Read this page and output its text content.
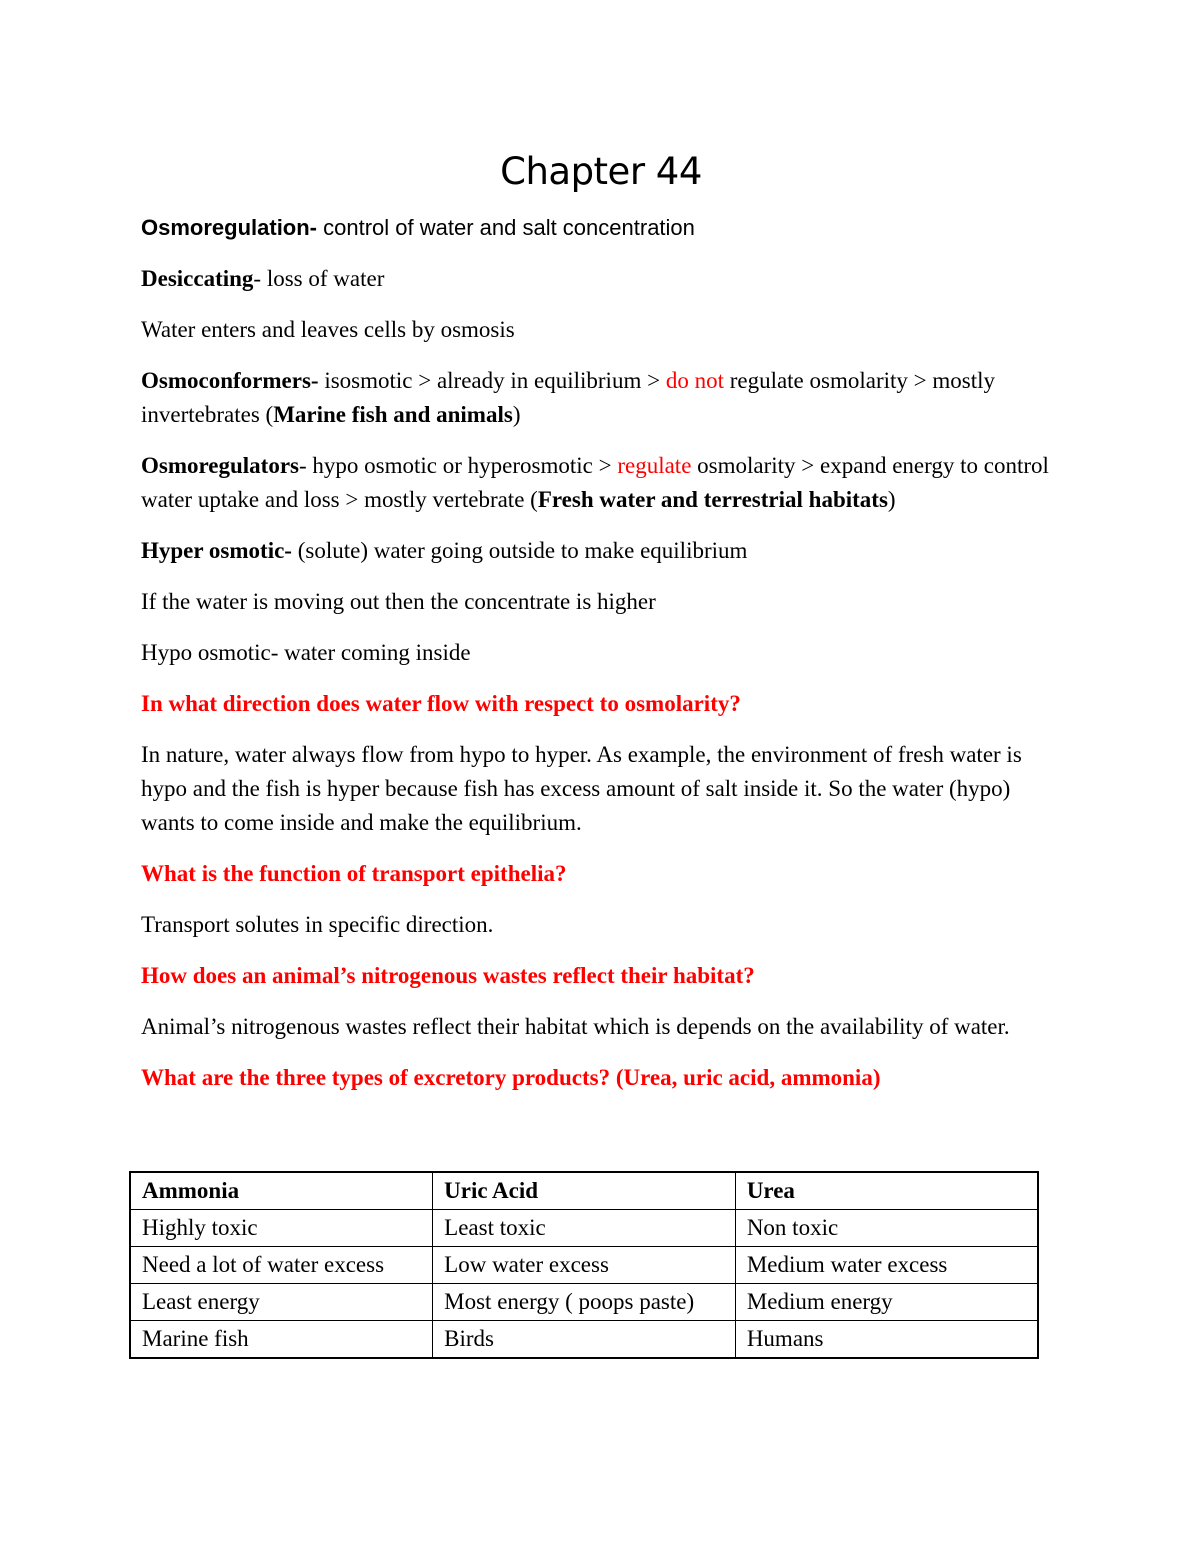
Chapter 44

Osmoregulation- control of water and salt concentration

Desiccating- loss of water

Water enters and leaves cells by osmosis

Osmoconformers- isosmotic > already in equilibrium > do not regulate osmolarity > mostly invertebrates (Marine fish and animals)

Osmoregulators- hypo osmotic or hyperosmotic > regulate osmolarity > expand energy to control water uptake and loss > mostly vertebrate (Fresh water and terrestrial habitats)

Hyper osmotic- (solute) water going outside to make equilibrium

If the water is moving out then the concentrate is higher

Hypo osmotic- water coming inside

In what direction does water flow with respect to osmolarity?

In nature, water always flow from hypo to hyper. As example, the environment of fresh water is hypo and the fish is hyper because fish has excess amount of salt inside it. So the water (hypo) wants to come inside and make the equilibrium.

What is the function of transport epithelia?

Transport solutes in specific direction.

How does an animal’s nitrogenous wastes reflect their habitat?

Animal’s nitrogenous wastes reflect their habitat which is depends on the availability of water.

What are the three types of excretory products? (Urea, uric acid, ammonia)

Ammonia	Uric Acid	Urea
Highly toxic	Least toxic	Non toxic
Need a lot of water excess	Low water excess	Medium water excess
Least energy	Most energy ( poops paste)	Medium energy
Marine fish	Birds	Humans
